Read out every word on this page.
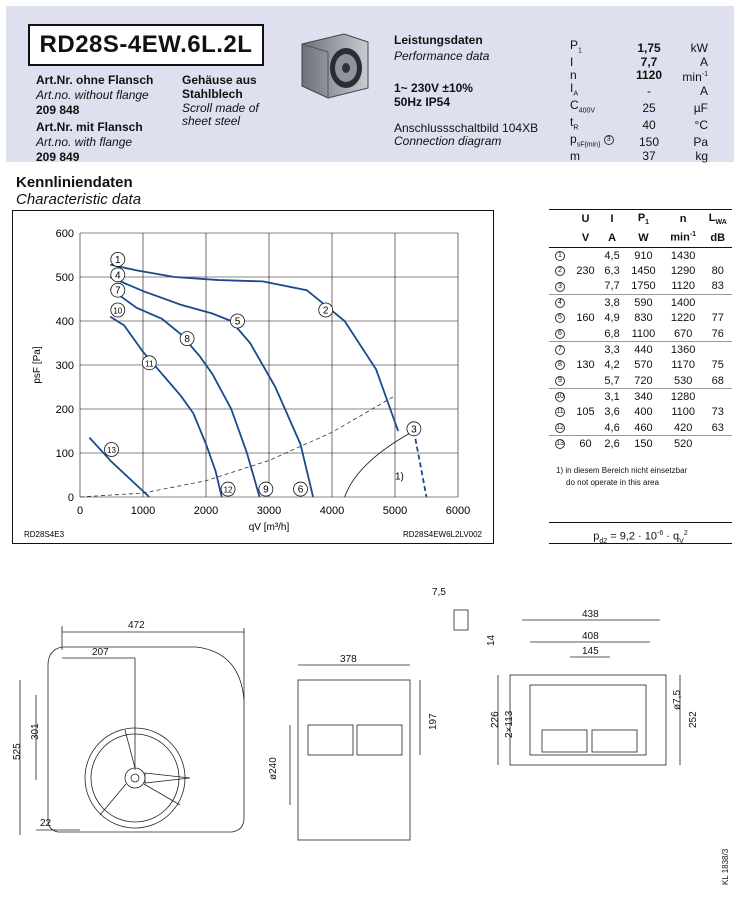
RD28S-4EW.6L.2L
Art.Nr. ohne Flansch
Art.no. without flange
209 848
Art.Nr. mit Flansch
Art.no. with flange
209 849
Gehäuse aus
Stahlblech
Scroll made of
sheet steel
Leistungsdaten
Performance data
1~ 230V ±10%
50Hz IP54
Anschlussschaltbild 104XB
Connection diagram
$P_1$	1,75	kW
I	7,7	A
n	1120	$\min^{-1}$
$I_A$	-	A
$C_{400V}$	25	µF
$t_R$	40	°C
$p_{sF(min)}$ 3	150	Pa
m	37	kg
Kennliniendaten
Characteristic data
0	1000	2000	3000	4000	5000	6000
0
100
200
300
400
500
600
qV [m³/h]
psF [Pa]
RD28S4E3	RD28S4EW6L2LV002
1)
1
4
7
10
13
2
5
8
11
3
12	9	6
	U	I	$P_1$	n	$L_{WA}$
	V	A	W	$\min^{-1}$	dB
1		4,5	910	1430	
2	230	6,3	1450	1290	80
3		7,7	1750	1120	83
4		3,8	590	1400	
5	160	4,9	830	1220	77
6		6,8	1100	670	76
7		3,3	440	1360	
8	130	4,2	570	1170	75
9		5,7	720	530	68
10		3,1	340	1280	
11	105	3,6	400	1100	73
12		4,6	460	420	63
13	60	2,6	150	520	
1) in diesem Bereich nicht einsetzbar
do not operate in this area
$p_{d2} = 9,2 \cdot 10^{-6} \cdot q_V^2$
472
207
525
301
22
378
197
ø240
438
408
145
226 2×113	252
ø7,5
7,5
14
KL 1838/3
